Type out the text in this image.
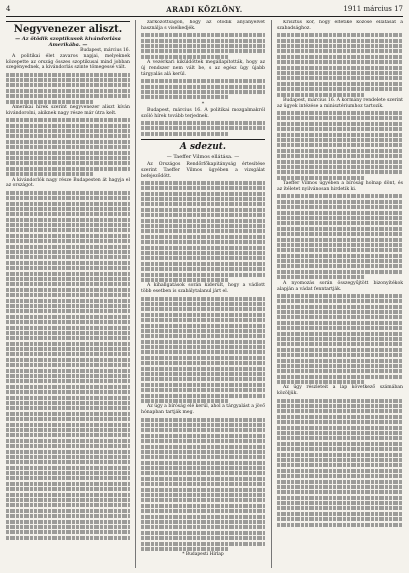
4	ARADI KÖZLÖNY.	1911 március 17
Negyvenezer aliszt.
— Az ötödik szoptikusok kivándorlása Amerikába. —
Budapest, március 16.

A politikai élet zavaros napjai, melyeknek közepette az ország összes szoptikusai mind jobban szegényednek, a kivándorlás szinte tömegessé vált.

Amerikai hírek szerint negyvenezer aliszt kíván kivándorolni, akiknek nagy része már útra kelt.

A kivándorlók nagy része Budapesten át hagyja el az országot.

zárkózottságon, hogy az ötödik anyanyelvet használja s viselkedjék.

A vezérkari kiküldöttek megállapították, hogy az új rendszer nem vált be, s az egész ügy újabb tárgyalás alá kerül.

*

Budapest, március 16. A politikai mozgalmakról szóló hírek tovább terjednek.

A sdezut.
— Taeffer Vilmos ellátása. —

Az Országos Rendőrfőkapitányság értesítése szerint Taeffer Vilmos ügyében a vizsgálat befejeződött.

A kihallgatások során kiderült, hogy a vádlott több esetben is szabálytalanul járt el.

Az ügy a bíróság elé kerül, ahol a tárgyalást a jövő hónapban tartják meg.

* Budapesti Hírlap

Krisztus kőr, hogy éltetike közöse ellátását a szabadsághoz.

Budapest, március 16. A kormány rendelete szerint az ügyek intézése a minisztériumhoz tartozik.

Taeffer Vilmos ügyében a bíróság holnap dönt, és az ítéletet nyilvánosan hirdetik ki.

A nyomozás során összegyűjtött bizonyítékok alapján a vádat fenntartják.

Az ügy részleteit a lap következő számában közöljük.
